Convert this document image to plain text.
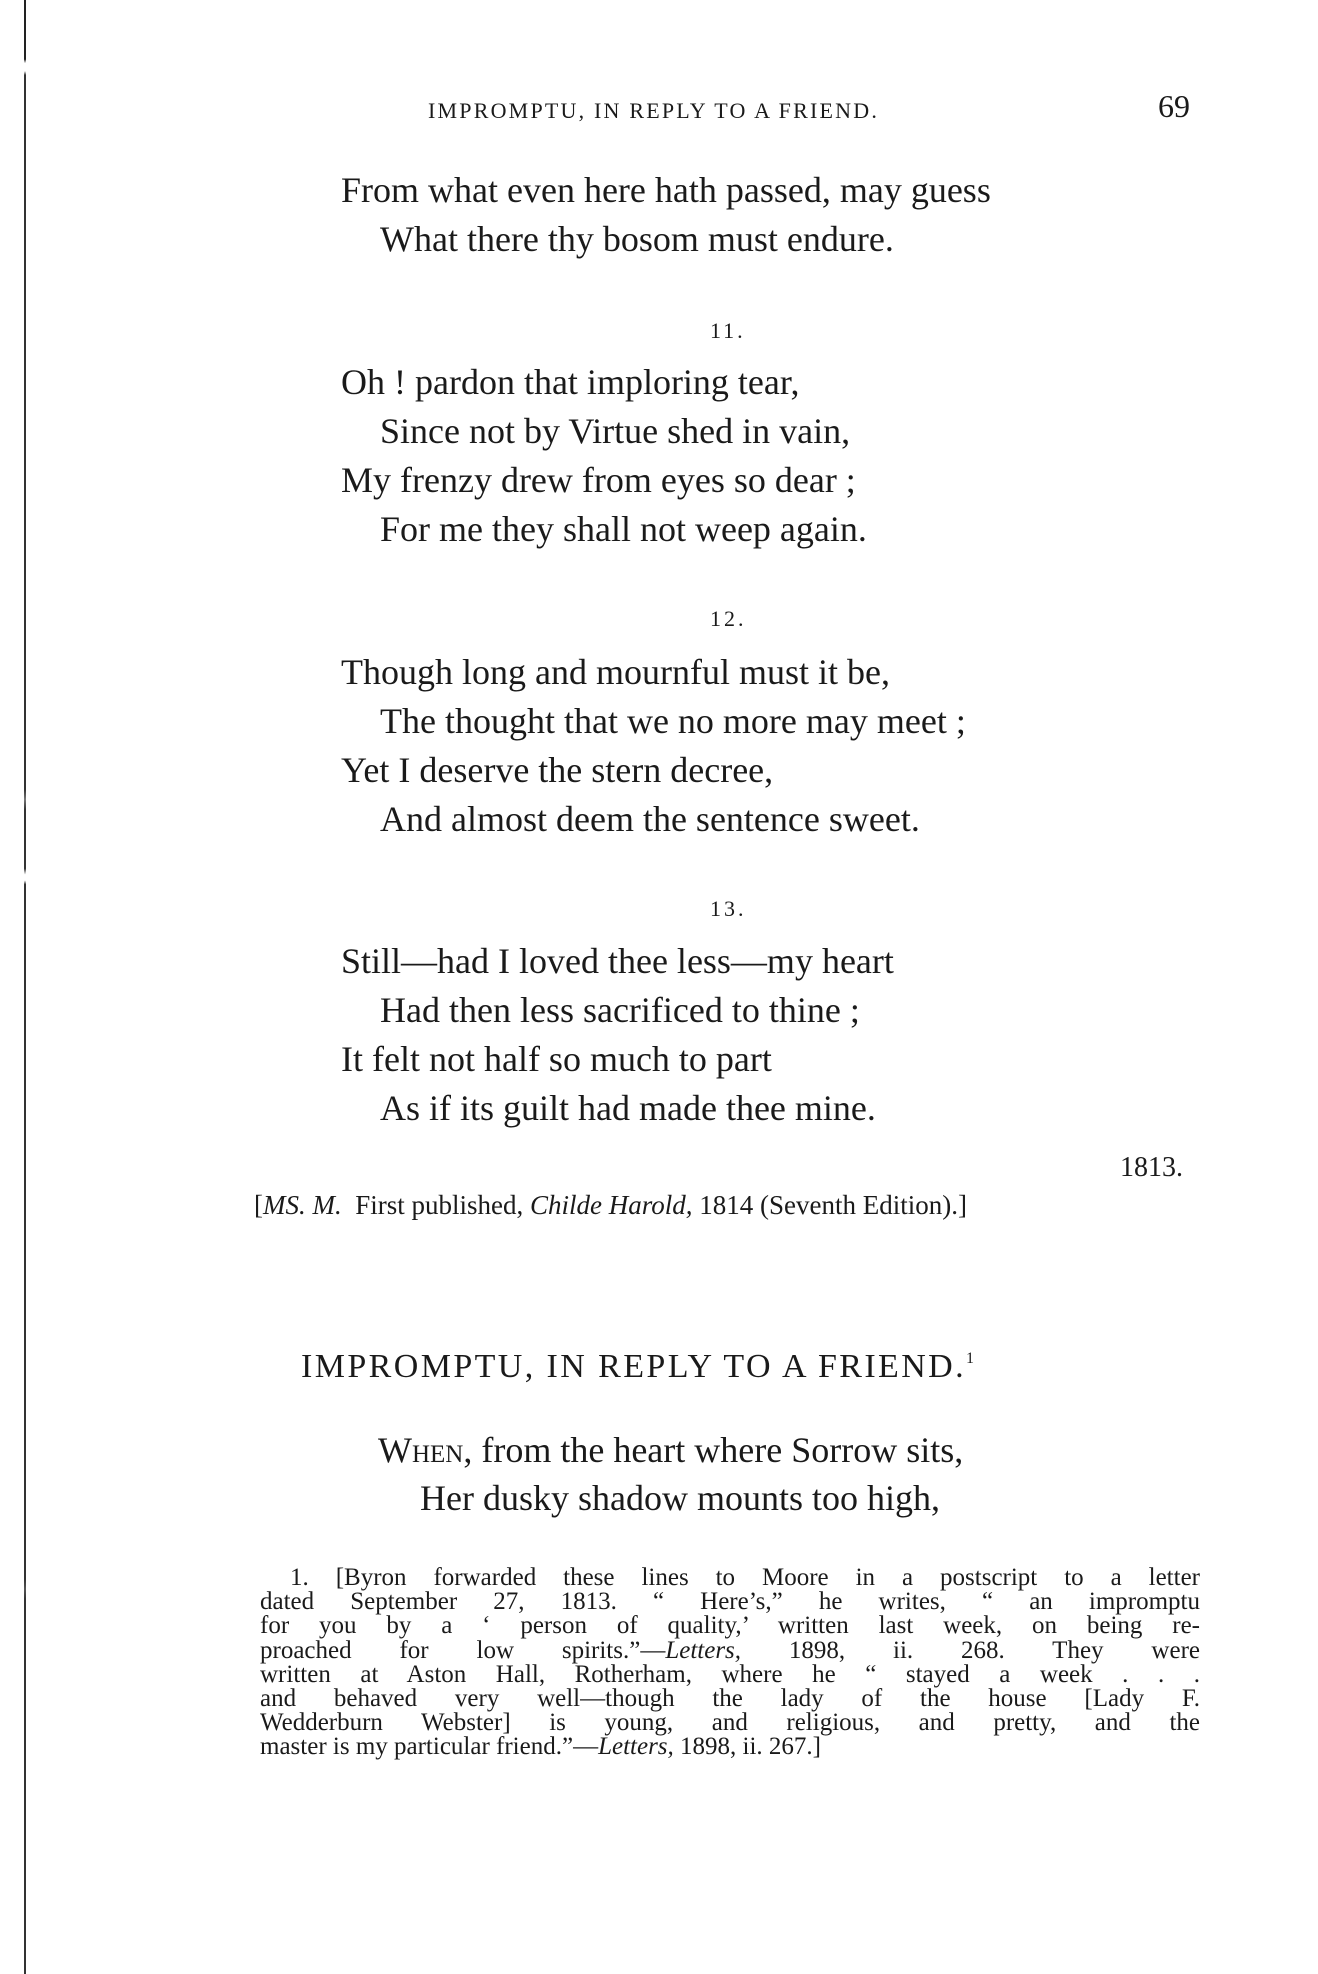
IMPROMPTU, IN REPLY TO A FRIEND.	69
From what even here hath passed, may guess
What there thy bosom must endure.
11.
Oh ! pardon that imploring tear,
Since not by Virtue shed in vain,
My frenzy drew from eyes so dear ;
For me they shall not weep again.
12.
Though long and mournful must it be,
The thought that we no more may meet ;
Yet I deserve the stern decree,
And almost deem the sentence sweet.
13.
Still—had I loved thee less—my heart
Had then less sacrificed to thine ;
It felt not half so much to part
As if its guilt had made thee mine.
1813.
[MS. M. First published, Childe Harold, 1814 (Seventh Edition).]
IMPROMPTU, IN REPLY TO A FRIEND.$^1$
When, from the heart where Sorrow sits,
Her dusky shadow mounts too high,
1. [Byron forwarded these lines to Moore in a postscript to a letter
dated September 27, 1813. “ Here’s,” he writes, “ an impromptu
for you by a ‘ person of quality,’ written last week, on being re-
proached for low spirits.”—Letters, 1898, ii. 268. They were
written at Aston Hall, Rotherham, where he “ stayed a week . . .
and behaved very well—though the lady of the house [Lady F.
Wedderburn Webster] is young, and religious, and pretty, and the
master is my particular friend.”—Letters, 1898, ii. 267.]
